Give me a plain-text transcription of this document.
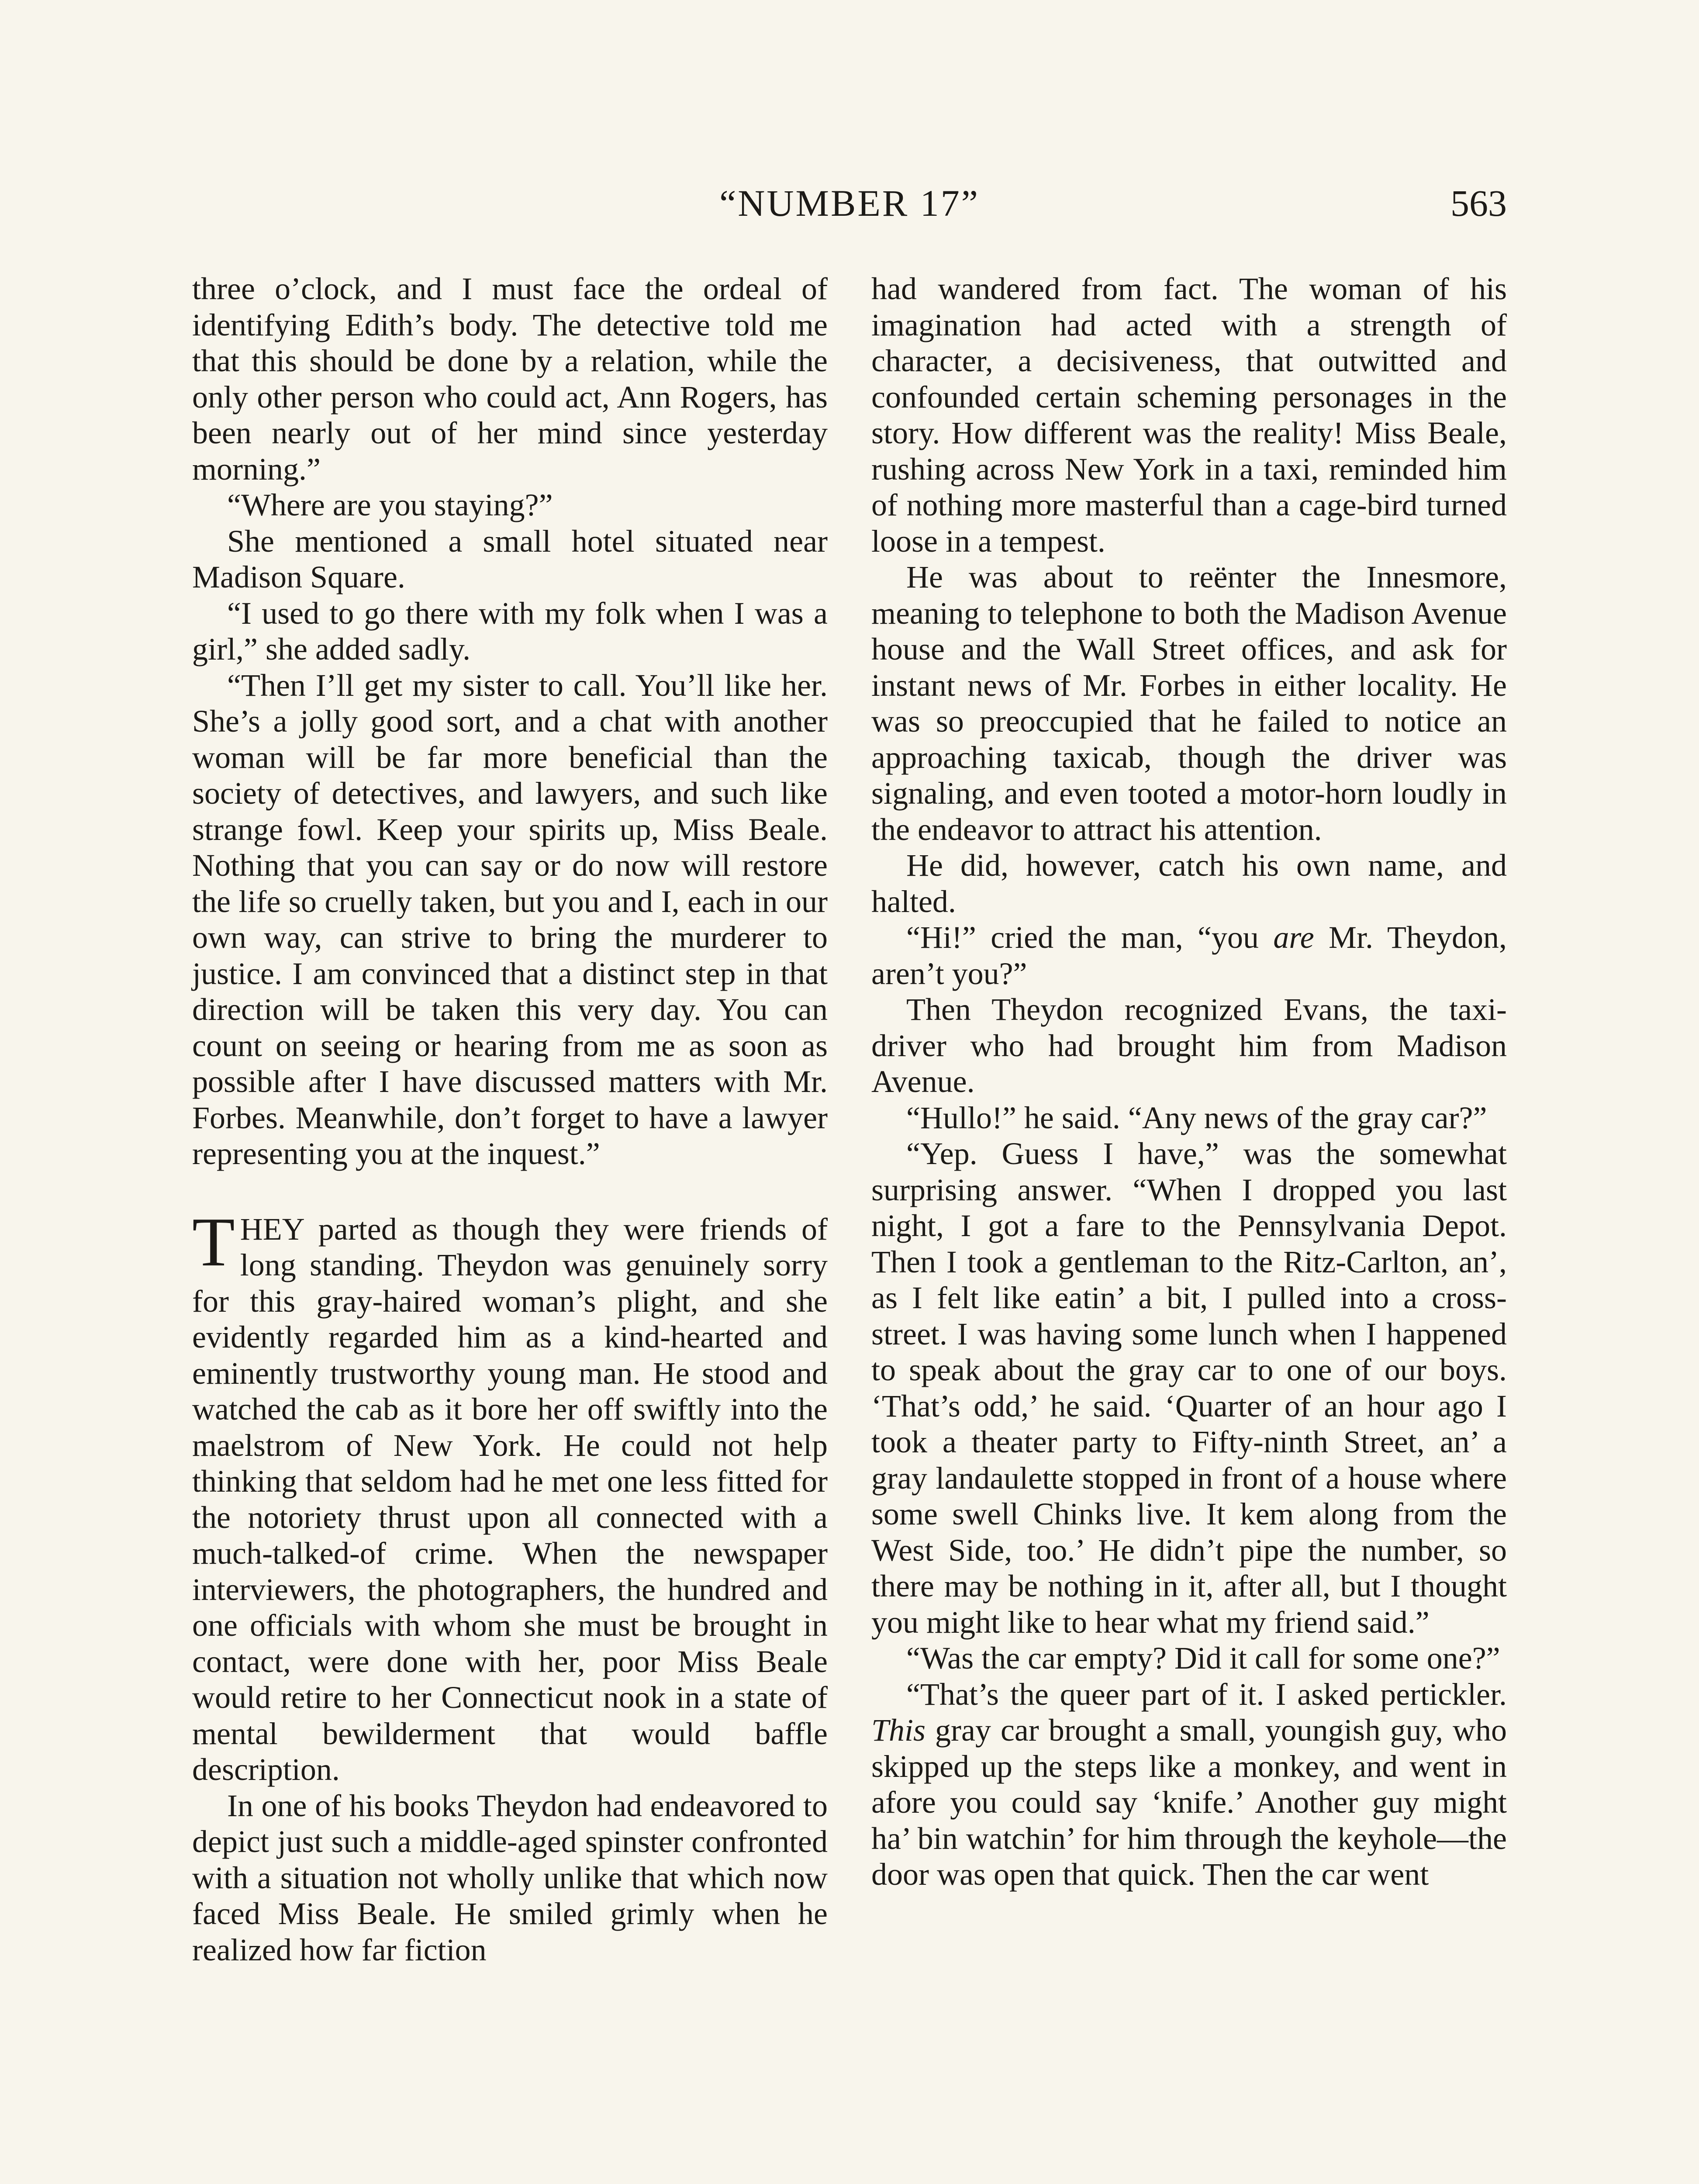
“NUMBER 17”	563

three o’clock, and I must face the ordeal of identifying Edith’s body. The detective told me that this should be done by a relation, while the only other person who could act, Ann Rogers, has been nearly out of her mind since yesterday morning.”

“Where are you staying?”

She mentioned a small hotel situated near Madison Square.

“I used to go there with my folk when I was a girl,” she added sadly.

“Then I’ll get my sister to call. You’ll like her. She’s a jolly good sort, and a chat with another woman will be far more beneficial than the society of detectives, and lawyers, and such like strange fowl. Keep your spirits up, Miss Beale. Nothing that you can say or do now will restore the life so cruelly taken, but you and I, each in our own way, can strive to bring the murderer to justice. I am convinced that a distinct step in that direction will be taken this very day. You can count on seeing or hearing from me as soon as possible after I have discussed matters with Mr. Forbes. Meanwhile, don’t forget to have a lawyer representing you at the inquest.”

THEY parted as though they were friends of long standing. Theydon was genuinely sorry for this gray-haired woman’s plight, and she evidently regarded him as a kind-hearted and eminently trustworthy young man. He stood and watched the cab as it bore her off swiftly into the maelstrom of New York. He could not help thinking that seldom had he met one less fitted for the notoriety thrust upon all connected with a much-talked-of crime. When the newspaper interviewers, the photographers, the hundred and one officials with whom she must be brought in contact, were done with her, poor Miss Beale would retire to her Connecticut nook in a state of mental bewilderment that would baffle description.

In one of his books Theydon had endeavored to depict just such a middle-aged spinster confronted with a situation not wholly unlike that which now faced Miss Beale. He smiled grimly when he realized how far fiction

had wandered from fact. The woman of his imagination had acted with a strength of character, a decisiveness, that outwitted and confounded certain scheming personages in the story. How different was the reality! Miss Beale, rushing across New York in a taxi, reminded him of nothing more masterful than a cage-bird turned loose in a tempest.

He was about to reënter the Innesmore, meaning to telephone to both the Madison Avenue house and the Wall Street offices, and ask for instant news of Mr. Forbes in either locality. He was so preoccupied that he failed to notice an approaching taxicab, though the driver was signaling, and even tooted a motor-horn loudly in the endeavor to attract his attention.

He did, however, catch his own name, and halted.

“Hi!” cried the man, “you are Mr. Theydon, aren’t you?”

Then Theydon recognized Evans, the taxi-driver who had brought him from Madison Avenue.

“Hullo!” he said. “Any news of the gray car?”

“Yep. Guess I have,” was the somewhat surprising answer. “When I dropped you last night, I got a fare to the Pennsylvania Depot. Then I took a gentleman to the Ritz-Carlton, an’, as I felt like eatin’ a bit, I pulled into a cross-street. I was having some lunch when I happened to speak about the gray car to one of our boys. ‘That’s odd,’ he said. ‘Quarter of an hour ago I took a theater party to Fifty-ninth Street, an’ a gray landaulette stopped in front of a house where some swell Chinks live. It kem along from the West Side, too.’ He didn’t pipe the number, so there may be nothing in it, after all, but I thought you might like to hear what my friend said.”

“Was the car empty? Did it call for some one?”

“That’s the queer part of it. I asked pertickler. This gray car brought a small, youngish guy, who skipped up the steps like a monkey, and went in afore you could say ‘knife.’ Another guy might ha’ bin watchin’ for him through the keyhole—the door was open that quick. Then the car went
